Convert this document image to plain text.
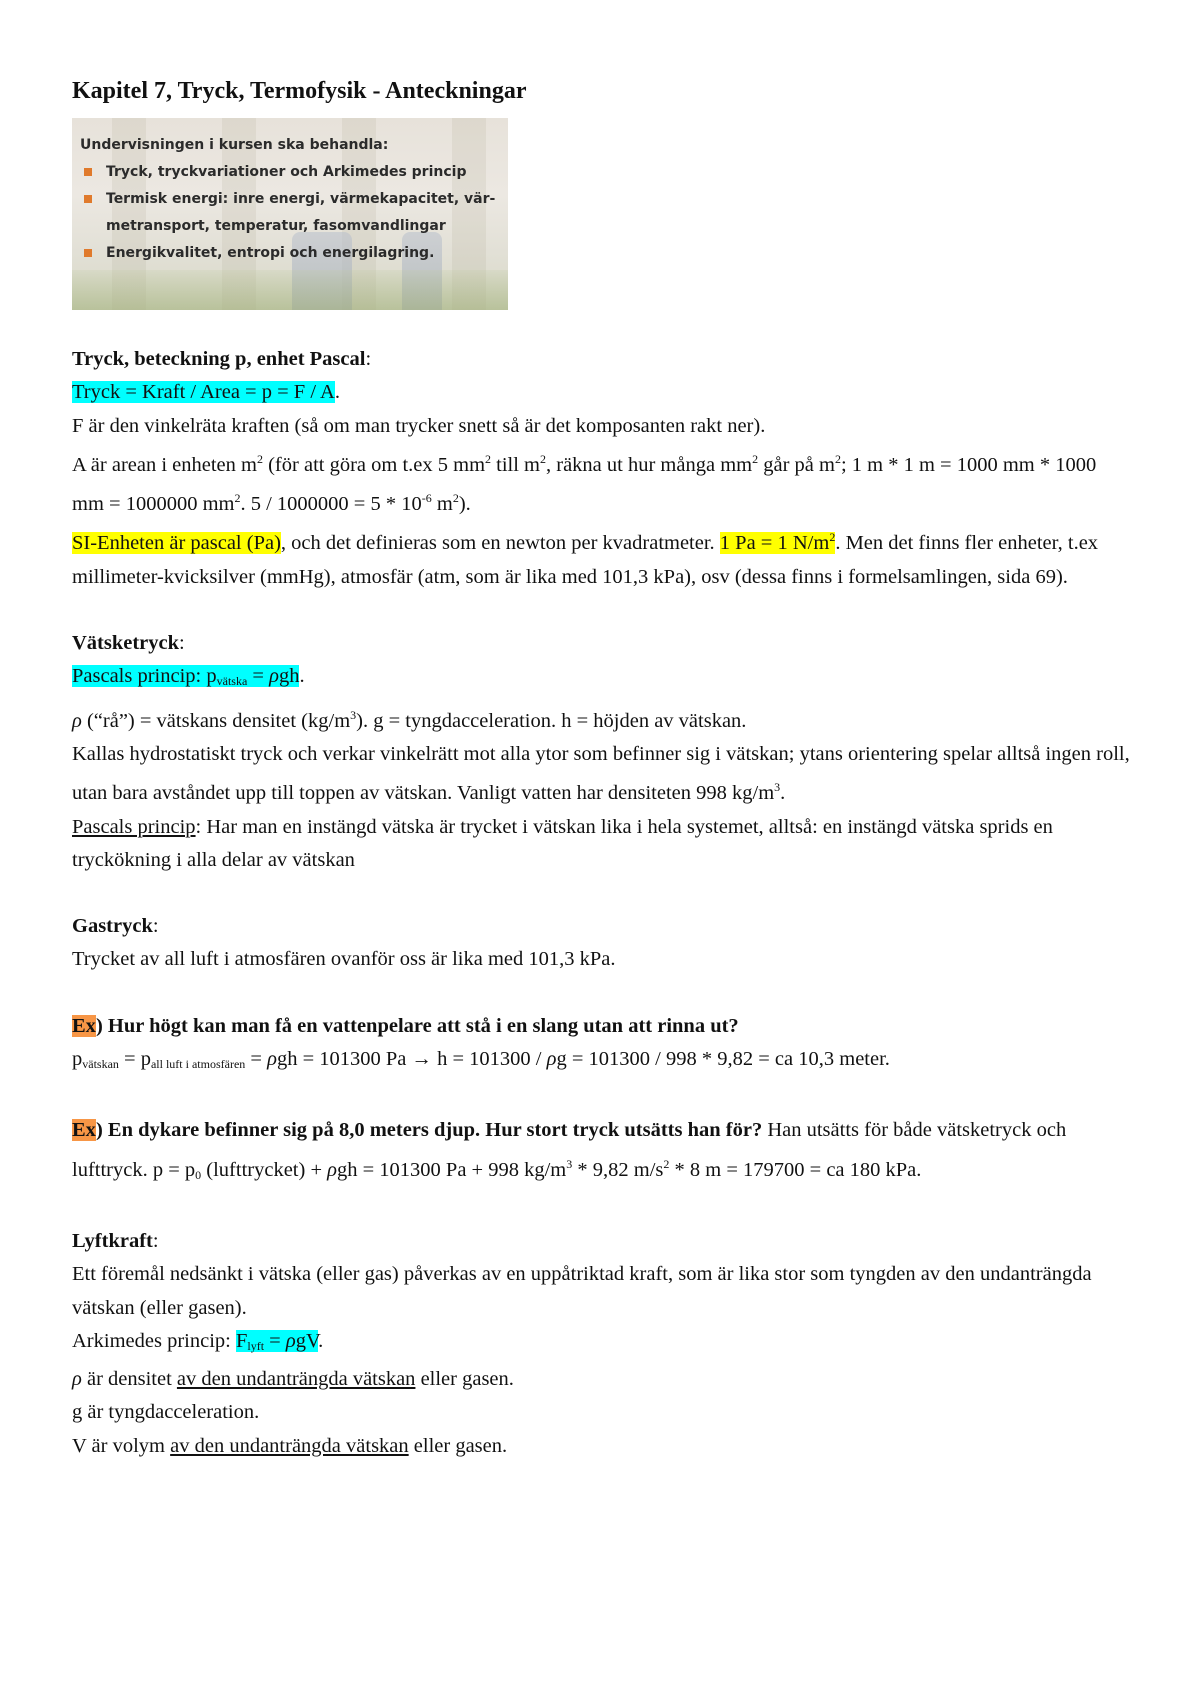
Kapitel 7, Tryck, Termofysik - Anteckningar
Undervisningen i kursen ska behandla:
Tryck, tryckvariationer och Arkimedes princip
Termisk energi: inre energi, värmekapacitet, vär-
metransport, temperatur, fasomvandlingar
Energikvalitet, entropi och energilagring.

Tryck, beteckning p, enhet Pascal:

Tryck = Kraft / Area = p = F / A.

F är den vinkelräta kraften (så om man trycker snett så är det komposanten rakt ner).

A är arean i enheten $m^2$ (för att göra om t.ex 5 $mm^2$ till $m^2$, räkna ut hur många $mm^2$ går på $m^2$; 1 m * 1 m = 1000 mm * 1000 mm = 1000000 $mm^2$. $5 / 1000000 = 5 * 10^{-6}$ $m^2$).

SI-Enheten är pascal (Pa), och det definieras som en newton per kvadratmeter. 1 Pa = 1 $N/m^2$. Men det finns fler enheter, t.ex millimeter-kvicksilver (mmHg), atmosfär (atm, som är lika med 101,3 kPa), osv (dessa finns i formelsamlingen, sida 69).

Vätsketryck:

Pascals princip: $p_{vätska} = \rho gh$.

ρ (“rå”) = vätskans densitet $(kg/m^3)$. g = tyngdacceleration. h = höjden av vätskan.

Kallas hydrostatiskt tryck och verkar vinkelrätt mot alla ytor som befinner sig i vätskan; ytans orientering spelar alltså ingen roll, utan bara avståndet upp till toppen av vätskan. Vanligt vatten har densiteten 998 $kg/m^3$.

Pascals princip: Har man en instängd vätska är trycket i vätskan lika i hela systemet, alltså: en instängd vätska sprids en tryckökning i alla delar av vätskan

Gastryck:

Trycket av all luft i atmosfären ovanför oss är lika med 101,3 kPa.

Ex) Hur högt kan man få en vattenpelare att stå i en slang utan att rinna ut?

$p_{vätskan} = p_{all luft i atmosfären} = \rho gh = 101300$ Pa → h = 101300 / ρg = 101300 / 998 * 9,82 = ca 10,3 meter.

Ex) En dykare befinner sig på 8,0 meters djup. Hur stort tryck utsätts han för? Han utsätts för både vätsketryck och lufttryck. $p = p_0$ (lufttrycket) + ρgh = 101300 Pa + 998 $kg/m^3 * 9,82$ $m/s^2 * 8$ m = 179700 = ca 180 kPa.

Lyftkraft:

Ett föremål nedsänkt i vätska (eller gas) påverkas av en uppåtriktad kraft, som är lika stor som tyngden av den undanträngda vätskan (eller gasen).

Arkimedes princip: $F_{lyft} = \rho gV$.

ρ är densitet av den undanträngda vätskan eller gasen.

g är tyngdacceleration.

V är volym av den undanträngda vätskan eller gasen.
